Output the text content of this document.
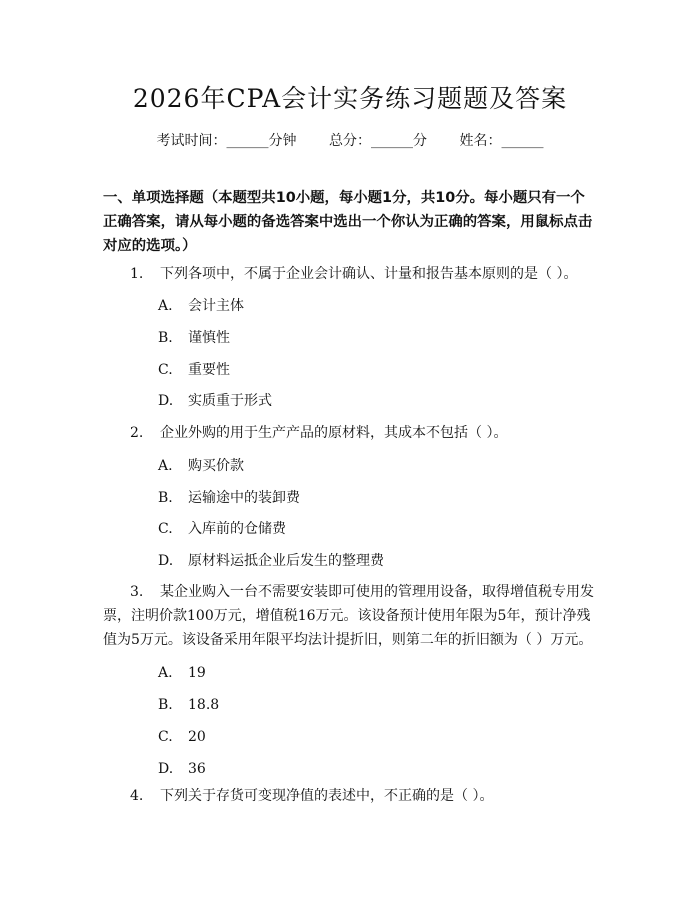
2026年CPA会计实务练习题题及答案
考试时间：______分钟 总分：______分 姓名：______
一、单项选择题（本题型共10小题，每小题1分，共10分。每小题只有一个正确答案，请从每小题的备选答案中选出一个你认为正确的答案，用鼠标点击对应的选项。）
1. 下列各项中，不属于企业会计确认、计量和报告基本原则的是（ ）。
A. 会计主体
B. 谨慎性
C. 重要性
D. 实质重于形式
2. 企业外购的用于生产产品的原材料，其成本不包括（ ）。
A. 购买价款
B. 运输途中的装卸费
C. 入库前的仓储费
D. 原材料运抵企业后发生的整理费
3. 某企业购入一台不需要安装即可使用的管理用设备，取得增值税专用发票，注明价款100万元，增值税16万元。该设备预计使用年限为5年，预计净残值为5万元。该设备采用年限平均法计提折旧，则第二年的折旧额为（ ）万元。
A. 19
B. 18.8
C. 20
D. 36
4. 下列关于存货可变现净值的表述中，不正确的是（ ）。
